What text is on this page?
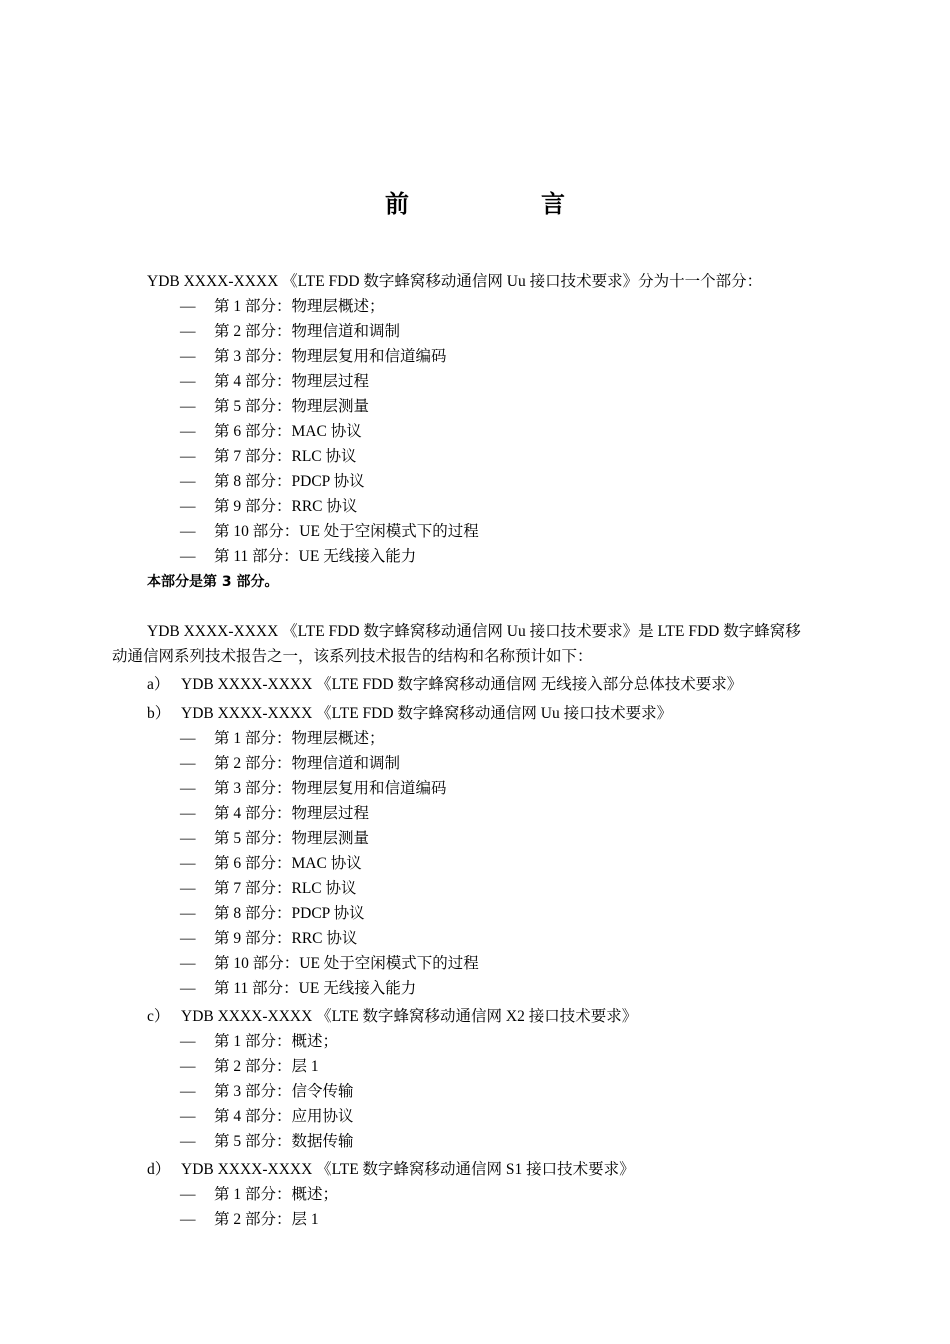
前　言
YDB XXXX-XXXX 《LTE FDD 数字蜂窝移动通信网 Uu 接口技术要求》分为十一个部分：
— 第 1 部分：物理层概述；
— 第 2 部分：物理信道和调制
— 第 3 部分：物理层复用和信道编码
— 第 4 部分：物理层过程
— 第 5 部分：物理层测量
— 第 6 部分：MAC 协议
— 第 7 部分：RLC 协议
— 第 8 部分：PDCP 协议
— 第 9 部分：RRC 协议
— 第 10 部分：UE 处于空闲模式下的过程
— 第 11 部分：UE 无线接入能力
本部分是第 3 部分。
YDB XXXX-XXXX 《LTE FDD 数字蜂窝移动通信网 Uu 接口技术要求》是 LTE FDD 数字蜂窝移
动通信网系列技术报告之一，该系列技术报告的结构和名称预计如下：
a） YDB XXXX-XXXX 《LTE FDD 数字蜂窝移动通信网 无线接入部分总体技术要求》
b） YDB XXXX-XXXX 《LTE FDD 数字蜂窝移动通信网 Uu 接口技术要求》
— 第 1 部分：物理层概述；
— 第 2 部分：物理信道和调制
— 第 3 部分：物理层复用和信道编码
— 第 4 部分：物理层过程
— 第 5 部分：物理层测量
— 第 6 部分：MAC 协议
— 第 7 部分：RLC 协议
— 第 8 部分：PDCP 协议
— 第 9 部分：RRC 协议
— 第 10 部分：UE 处于空闲模式下的过程
— 第 11 部分：UE 无线接入能力
c） YDB XXXX-XXXX 《LTE 数字蜂窝移动通信网 X2 接口技术要求》
— 第 1 部分：概述；
— 第 2 部分：层 1
— 第 3 部分：信令传输
— 第 4 部分：应用协议
— 第 5 部分：数据传输
d） YDB XXXX-XXXX 《LTE 数字蜂窝移动通信网 S1 接口技术要求》
— 第 1 部分：概述；
— 第 2 部分：层 1
